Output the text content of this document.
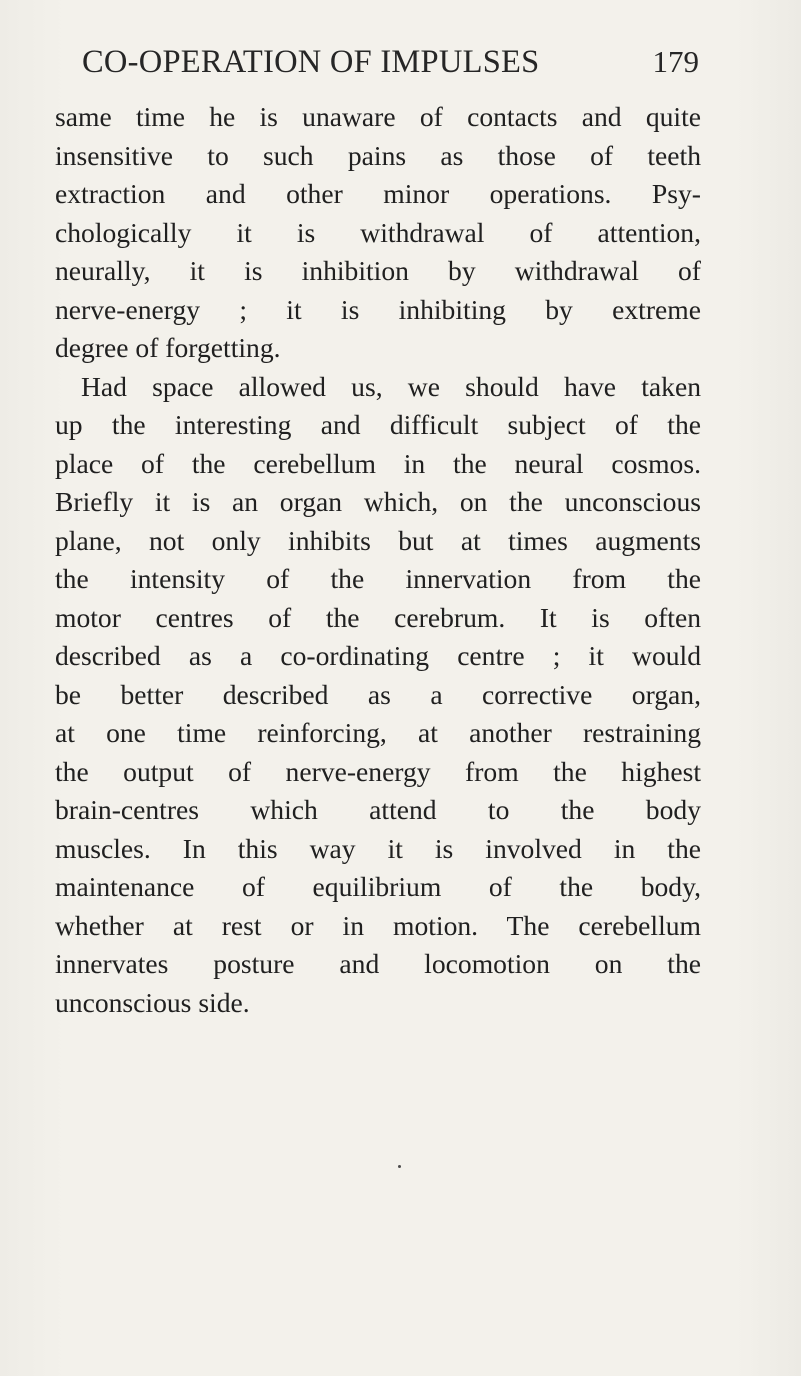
CO-OPERATION OF IMPULSES	179

same time he is unaware of contacts and quite
insensitive to such pains as those of teeth
extraction and other minor operations. Psy-
chologically it is withdrawal of attention,
neurally, it is inhibition by withdrawal of
nerve-energy ; it is inhibiting by extreme
degree of forgetting.

Had space allowed us, we should have taken
up the interesting and difficult subject of the
place of the cerebellum in the neural cosmos.
Briefly it is an organ which, on the unconscious
plane, not only inhibits but at times augments
the intensity of the innervation from the
motor centres of the cerebrum. It is often
described as a co-ordinating centre ; it would
be better described as a corrective organ,
at one time reinforcing, at another restraining
the output of nerve-energy from the highest
brain-centres which attend to the body
muscles. In this way it is involved in the
maintenance of equilibrium of the body,
whether at rest or in motion. The cerebellum
innervates posture and locomotion on the
unconscious side.
